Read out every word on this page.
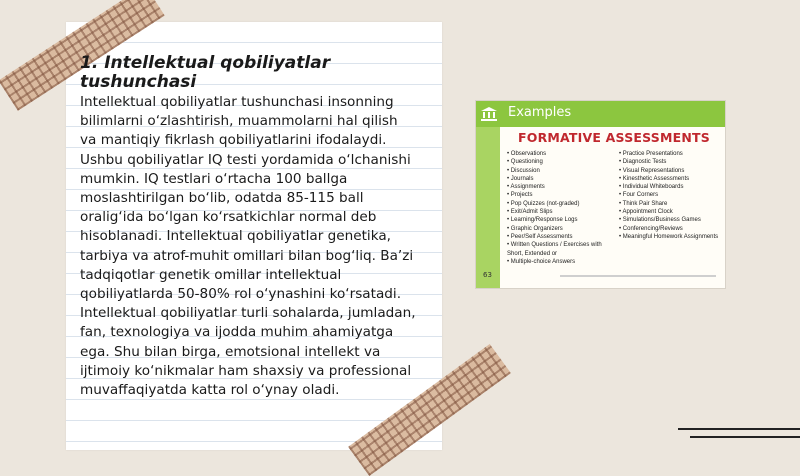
1. Intellektual qobiliyatlar tushunchasi

Intellektual qobiliyatlar tushunchasi insonning bilimlarni o‘zlashtirish, muammolarni hal qilish va mantiqiy fikrlash qobiliyatlarini ifodalaydi. Ushbu qobiliyatlar IQ testi yordamida o‘lchanishi mumkin. IQ testlari o‘rtacha 100 ballga moslashtirilgan bo‘lib, odatda 85-115 ball oralig‘ida bo‘lgan ko‘rsatkichlar normal deb hisoblanadi. Intellektual qobiliyatlar genetika, tarbiya va atrof-muhit omillari bilan bog‘liq. Ba’zi tadqiqotlar genetik omillar intellektual qobiliyatlarda 50-80% rol o‘ynashini ko‘rsatadi. Intellektual qobiliyatlar turli sohalarda, jumladan, fan, texnologiya va ijodda muhim ahamiyatga ega. Shu bilan birga, emotsional intellekt va ijtimoiy ko‘nikmalar ham shaxsiy va professional muvaffaqiyatda katta rol o‘ynay oladi.

Examples
FORMATIVE ASSESSMENTS
• Observations
• Questioning
• Discussion
• Journals
• Assignments
• Projects
• Pop Quizzes (not-graded)
• Exit/Admit Slips
• Learning/Response Logs
• Graphic Organizers
• Peer/Self Assessments
• Written Questions / Exercises with Short, Extended or
• Multiple-choice Answers
• Practice Presentations
• Diagnostic Tests
• Visual Representations
• Kinesthetic Assessments
• Individual Whiteboards
• Four Corners
• Think Pair Share
• Appointment Clock
• Simulations/Business Games
• Conferencing/Reviews
• Meaningful Homework Assignments
63
